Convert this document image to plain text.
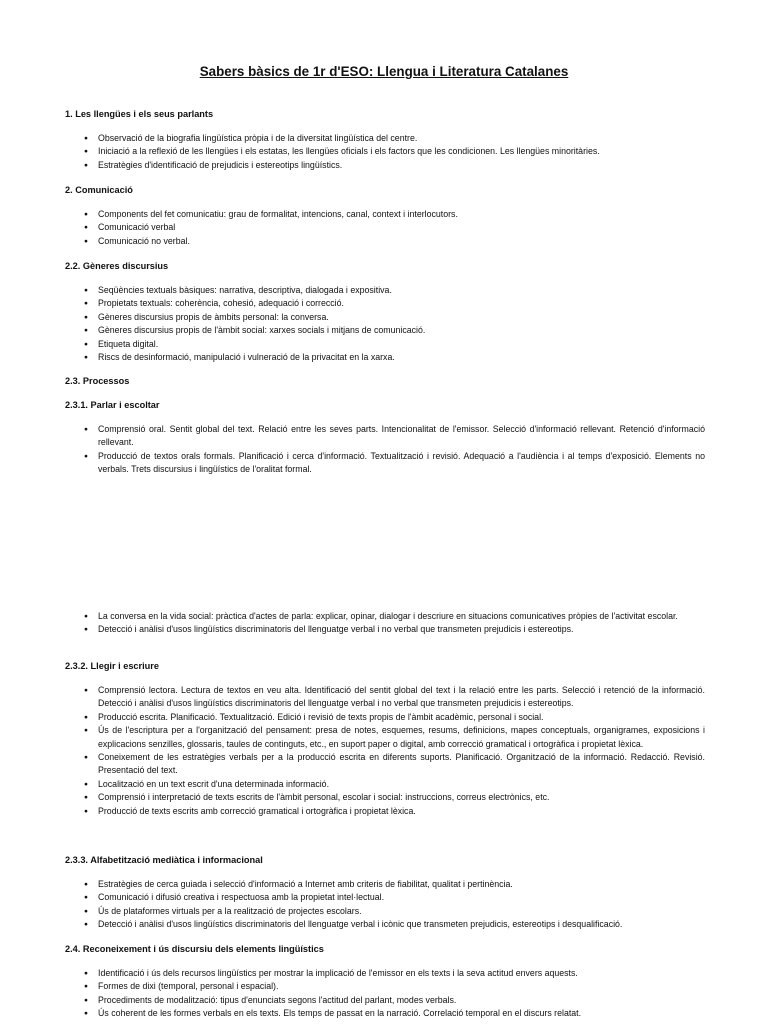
Sabers bàsics de 1r d'ESO: Llengua i Literatura Catalanes

1. Les llengües i els seus parlants

● Observació de la biografia lingüística pròpia i de la diversitat lingüística del centre.
● Iniciació a la reflexió de les llengües i els estatas, les llengües oficials i els factors que les condicionen. Les llengües minoritàries.
● Estratègies d'identificació de prejudicis i estereotips lingüístics.

2. Comunicació

● Components del fet comunicatiu: grau de formalitat, intencions, canal, context i interlocutors.
● Comunicació verbal
● Comunicació no verbal.

2.2. Gèneres discursius

● Seqüències textuals bàsiques: narrativa, descriptiva, dialogada i expositiva.
● Propietats textuals: coherència, cohesió, adequació i correcció.
● Gèneres discursius propis de àmbits personal: la conversa.
● Gèneres discursius propis de l'àmbit social: xarxes socials i mitjans de comunicació.
● Etiqueta digital.
● Riscs de desinformació, manipulació i vulneració de la privacitat en la xarxa.

2.3. Processos

2.3.1. Parlar i escoltar

● Comprensió oral. Sentit global del text. Relació entre les seves parts. Intencionalitat de l'emissor. Selecció d'informació rellevant. Retenció d'informació rellevant.
● Producció de textos orals formals. Planificació i cerca d'informació. Textualització i revisió. Adequació a l'audiència i al temps d'exposició. Elements no verbals. Trets discursius i lingüístics de l'oralitat formal.
● La conversa en la vida social: pràctica d'actes de parla: explicar, opinar, dialogar i descriure en situacions comunicatives pròpies de l'activitat escolar.
● Detecció i anàlisi d'usos lingüístics discriminatoris del llenguatge verbal i no verbal que transmeten prejudicis i estereotips.

2.3.2. Llegir i escriure

● Comprensió lectora. Lectura de textos en veu alta. Identificació del sentit global del text i la relació entre les parts. Selecció i retenció de la informació. Detecció i anàlisi d'usos lingüístics discriminatoris del llenguatge verbal i no verbal que transmeten prejudicis i estereotips.
● Producció escrita. Planificació. Textualització. Edició i revisió de texts propis de l'àmbit acadèmic, personal i social.
● Ús de l'escriptura per a l'organització del pensament: presa de notes, esquemes, resums, definicions, mapes conceptuals, organigrames, exposicions i explicacions senzilles, glossaris, taules de continguts, etc., en suport paper o digital, amb correcció gramatical i ortogràfica i propietat lèxica.
● Coneixement de les estratègies verbals per a la producció escrita en diferents suports. Planificació. Organització de la informació. Redacció. Revisió. Presentació del text.
● Localització en un text escrit d'una determinada informació.
● Comprensió i interpretació de texts escrits de l'àmbit personal, escolar i social: instruccions, correus electrònics, etc.
● Producció de texts escrits amb correcció gramatical i ortogràfica i propietat lèxica.

2.3.3. Alfabetització mediàtica i informacional

● Estratègies de cerca guiada i selecció d'informació a Internet amb criteris de fiabilitat, qualitat i pertinència.
● Comunicació i difusió creativa i respectuosa amb la propietat intel·lectual.
● Ús de plataformes virtuals per a la realització de projectes escolars.
● Detecció i anàlisi d'usos lingüístics discriminatoris del llenguatge verbal i icònic que transmeten prejudicis, estereotips i desqualificació.

2.4. Reconeixement i ús discursiu dels elements lingüístics

● Identificació i ús dels recursos lingüístics per mostrar la implicació de l'emissor en els texts i la seva actitud envers aquests.
● Formes de dixi (temporal, personal i espacial).
● Procediments de modalització: tipus d'enunciats segons l'actitud del parlant, modes verbals.
● Ús coherent de les formes verbals en els texts. Els temps de passat en la narració. Correlació temporal en el discurs relatat.
